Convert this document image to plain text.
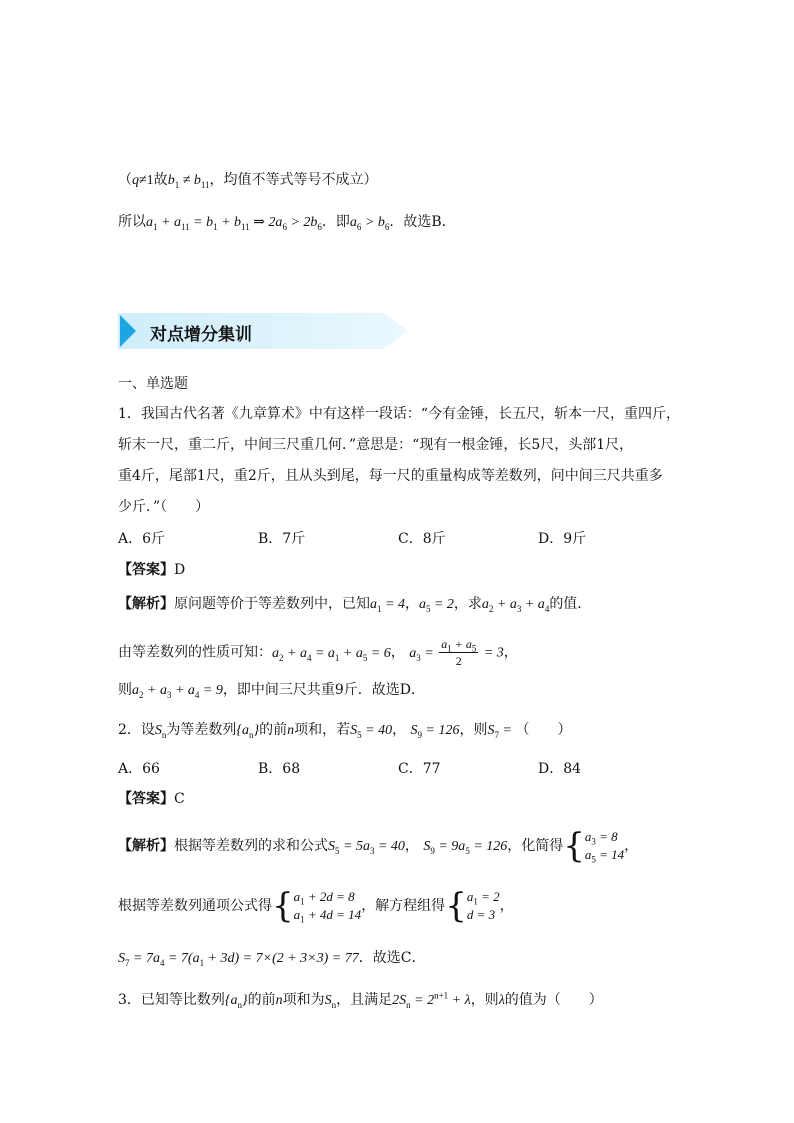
（q≠1故$b_1 \ne b_{11}$，均值不等式等号不成立）
所以$a_1 + a_{11} = b_1 + b_{11}$ ⇒ $2a_6 > 2b_6$．即$a_6 > b_6$．故选B．
对点增分集训
一、单选题
1．我国古代名著《九章算术》中有这样一段话：“今有金锤，长五尺，斩本一尺，重四斤，
斩末一尺，重二斤，中间三尺重几何．”意思是：“现有一根金锤，长5尺，头部1尺，
重4斤，尾部1尺，重2斤，且从头到尾，每一尺的重量构成等差数列，问中间三尺共重多
少斤．”（　　）
A．6斤	B．7斤	C．8斤	D．9斤
【答案】D
【解析】原问题等价于等差数列中，已知$a_1 = 4$，$a_5 = 2$，求$a_2 + a_3 + a_4$的值．
由等差数列的性质可知：$a_2 + a_4 = a_1 + a_5 = 6$， $a_3 = \frac{a_1 + a_5}{2} = 3$，
则$a_2 + a_3 + a_4 = 9$，即中间三尺共重9斤．故选D．
2．设$S_n$为等差数列$\{a_n\}$的前n项和，若$S_5 = 40$， $S_9 = 126$，则$S_7$ = （　　）
A．66	B．68	C．77	D．84
【答案】C
【解析】根据等差数列的求和公式$S_5 = 5a_3 = 40$， $S_9 = 9a_5 = 126$，化简得{$a_3 = 8$
$a_5 = 14$，
根据等差数列通项公式得{$a_1 + 2d = 8$
$a_1 + 4d = 14$，解方程组得{$a_1 = 2$
d = 3，
$S_7 = 7a_4 = 7(a_1 + 3d) = 7\times(2 + 3\times 3) = 77$．故选C．
3．已知等比数列$\{a_n\}$的前n项和为$S_n$，且满足$2S_n = 2^{n+1} + \lambda$，则λ的值为（　　）
